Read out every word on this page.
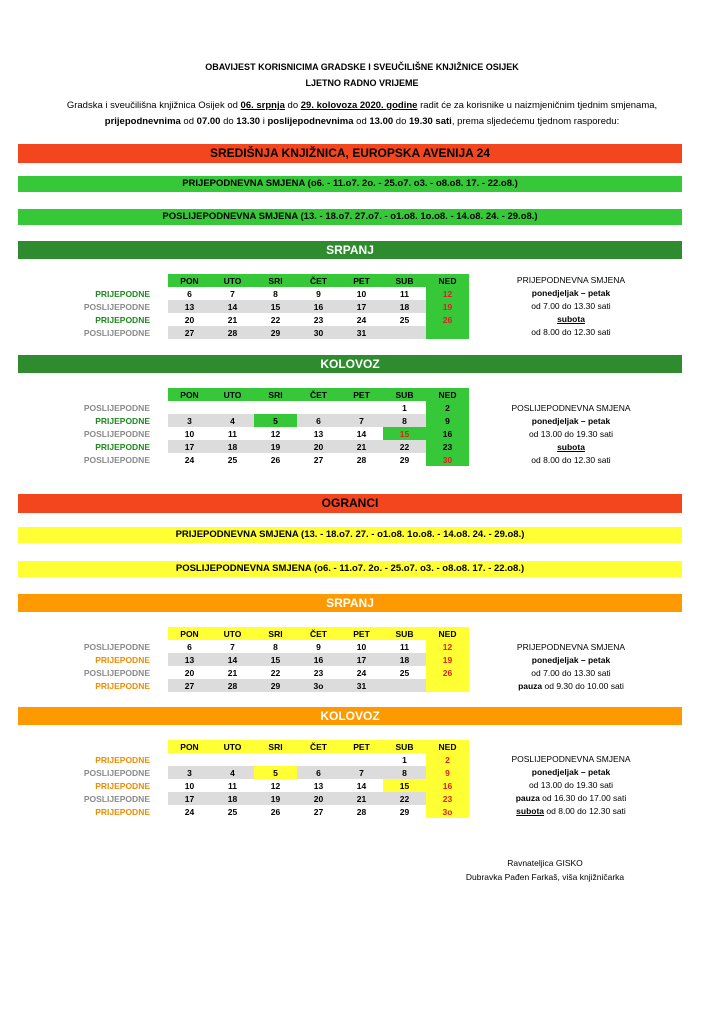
OBAVIJEST KORISNICIMA GRADSKE I SVEUČILIŠNE KNJIŽNICE OSIJEK
LJETNO RADNO VRIJEME
Gradska i sveučilišna knjižnica Osijek od 06. srpnja do 29. kolovoza 2020. godine radit će za korisnike u naizmjeničnim tjednim smjenama,
prijepodnevnima od 07.00 do 13.30 i poslijepodnevnima od 13.00 do 19.30 sati, prema sljedećemu tjednom rasporedu:
SREDIŠNJA KNJIŽNICA, EUROPSKA AVENIJA 24
PRIJEPODNEVNA SMJENA (o6. - 11.o7. 2o. - 25.o7. o3. - o8.o8. 17. - 22.o8.)
POSLIJEPODNEVNA SMJENA (13. - 18.o7. 27.o7. - o1.o8. 1o.o8. - 14.o8. 24. - 29.o8.)
SRPANJ
	PON	UTO	SRI	ČET	PET	SUB	NED
PRIJEPODNE	6	7	8	9	10	11	12
POSLIJEPODNE	13	14	15	16	17	18	19
PRIJEPODNE	20	21	22	23	24	25	26
POSLIJEPODNE	27	28	29	30	31		
PRIJEPODNEVNA SMJENA
ponedjeljak – petak
od 7.00 do 13.30 sati
subota
od 8.00 do 12.30 sati
KOLOVOZ
	PON	UTO	SRI	ČET	PET	SUB	NED
POSLIJEPODNE						1	2
PRIJEPODNE	3	4	5	6	7	8	9
POSLIJEPODNE	10	11	12	13	14	15	16
PRIJEPODNE	17	18	19	20	21	22	23
POSLIJEPODNE	24	25	26	27	28	29	30
POSLIJEPODNEVNA SMJENA
ponedjeljak – petak
od 13.00 do 19.30 sati
subota
od 8.00 do 12.30 sati
OGRANCI
PRIJEPODNEVNA SMJENA (13. - 18.o7. 27. - o1.o8. 1o.o8. - 14.o8. 24. - 29.o8.)
POSLIJEPODNEVNA SMJENA (o6. - 11.o7. 2o. - 25.o7. o3. - o8.o8. 17. - 22.o8.)
SRPANJ
	PON	UTO	SRI	ČET	PET	SUB	NED
POSLIJEPODNE	6	7	8	9	10	11	12
PRIJEPODNE	13	14	15	16	17	18	19
POSLIJEPODNE	20	21	22	23	24	25	26
PRIJEPODNE	27	28	29	3o	31		
PRIJEPODNEVNA SMJENA
ponedjeljak – petak
od 7.00 do 13.30 sati
pauza od 9.30 do 10.00 sati
KOLOVOZ
	PON	UTO	SRI	ČET	PET	SUB	NED
PRIJEPODNE						1	2
POSLIJEPODNE	3	4	5	6	7	8	9
PRIJEPODNE	10	11	12	13	14	15	16
POSLIJEPODNE	17	18	19	20	21	22	23
PRIJEPODNE	24	25	26	27	28	29	3o
POSLIJEPODNEVNA SMJENA
ponedjeljak – petak
od 13.00 do 19.30 sati
pauza od 16.30 do 17.00 sati
subota od 8.00 do 12.30 sati
Ravnateljica GISKO
Dubravka Pađen Farkaš, viša knjižničarka
